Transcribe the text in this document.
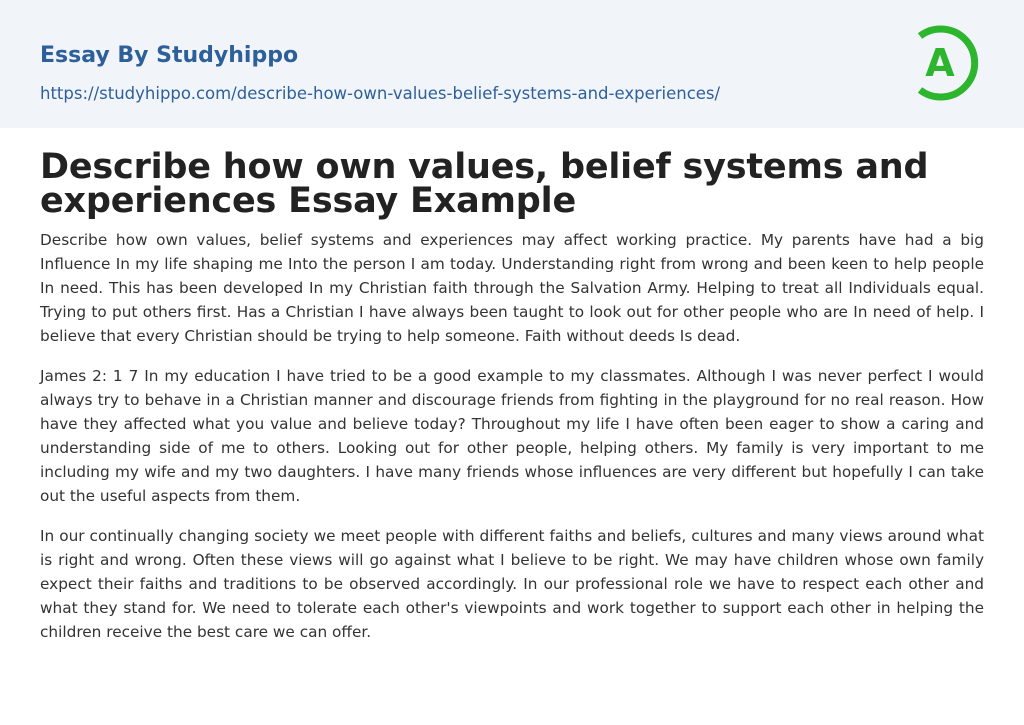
Essay By Studyhippo
https://studyhippo.com/describe-how-own-values-belief-systems-and-experiences/
A
Describe how own values, belief systems and experiences Essay Example

Describe how own values, belief systems and experiences may affect working practice. My parents have had a big Influence In my life shaping me Into the person I am today. Understanding right from wrong and been keen to help people In need. This has been developed In my Christian faith through the Salvation Army. Helping to treat all Individuals equal. Trying to put others first. Has a Christian I have always been taught to look out for other people who are In need of help. I believe that every Christian should be trying to help someone. Faith without deeds Is dead.

James 2: 1 7 In my education I have tried to be a good example to my classmates. Although I was never perfect I would always try to behave in a Christian manner and discourage friends from fighting in the playground for no real reason. How have they affected what you value and believe today? Throughout my life I have often been eager to show a caring and understanding side of me to others. Looking out for other people, helping others. My family is very important to me including my wife and my two daughters. I have many friends whose influences are very different but hopefully I can take out the useful aspects from them.

In our continually changing society we meet people with different faiths and beliefs, cultures and many views around what is right and wrong. Often these views will go against what I believe to be right. We may have children whose own family expect their faiths and traditions to be observed accordingly. In our professional role we have to respect each other and what they stand for. We need to tolerate each other's viewpoints and work together to support each other in helping the children receive the best care we can offer.
